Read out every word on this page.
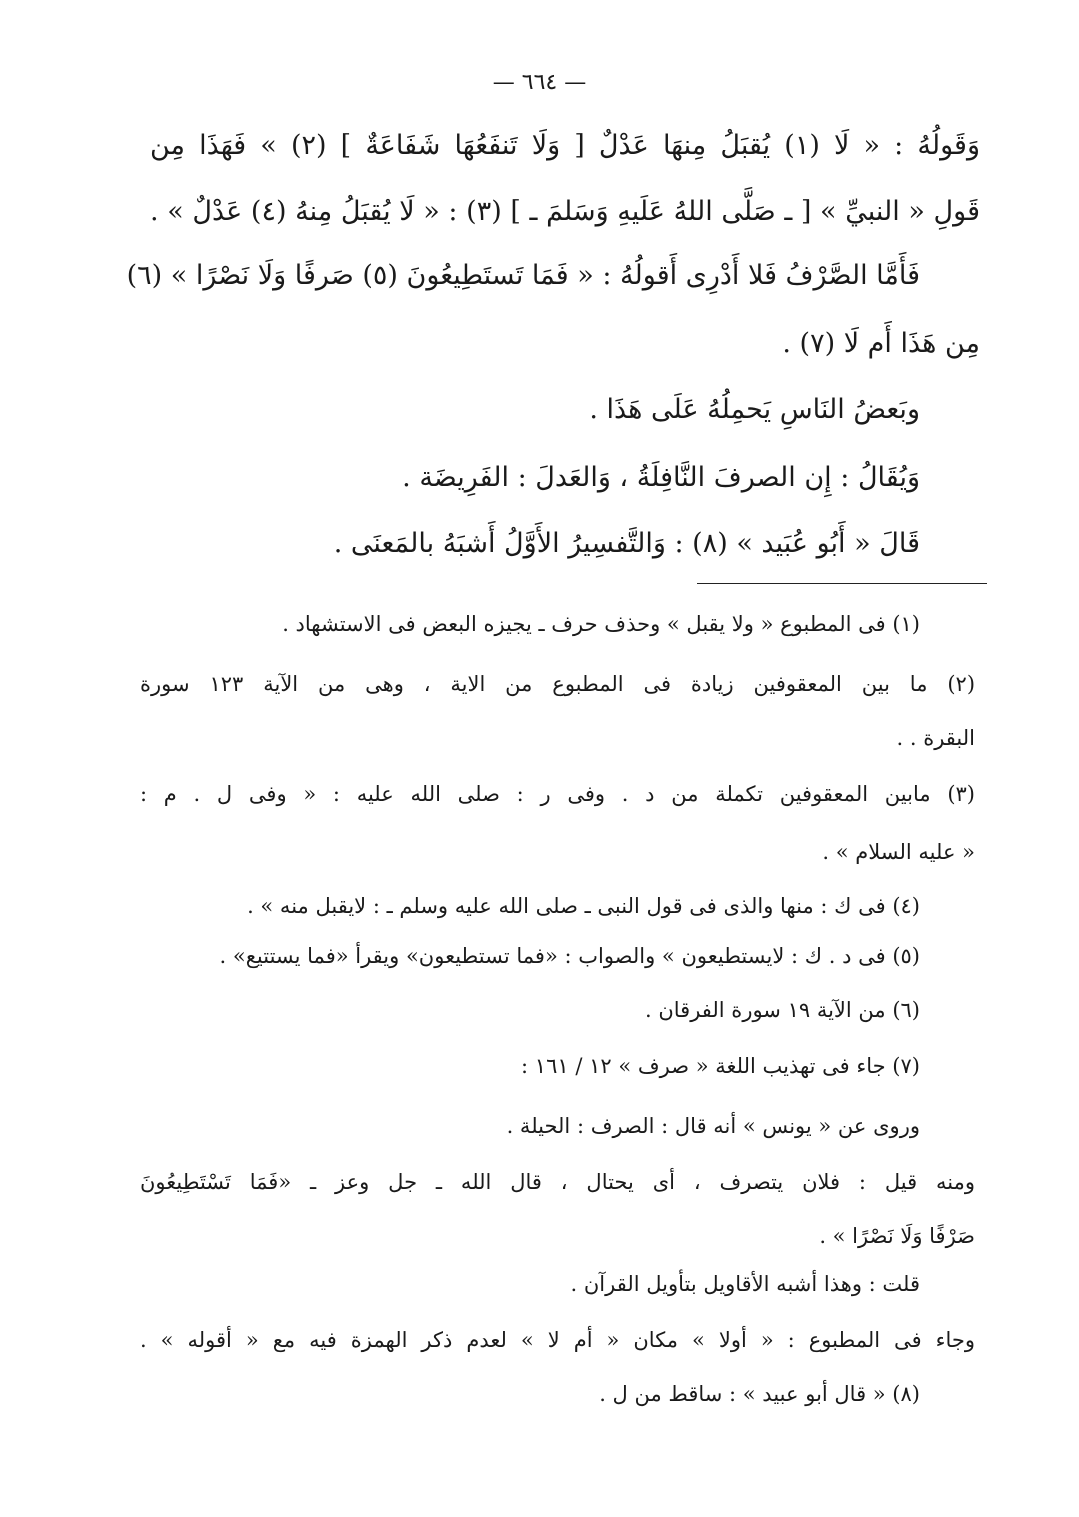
— ٦٦٤ —
وَقَولُهُ : « لَا (١) يُقبَلُ مِنهَا عَدْلٌ [ وَلَا تَنفَعُهَا شَفَاعَةٌ ] (٢) » فَهَذَا مِن
قَولِ « النبيِّ » [ ـ صَلَّى اللهُ عَلَيهِ وَسَلمَ ـ ] (٣) : « لَا يُقبَلُ مِنهُ (٤) عَدْلٌ » .
فَأَمَّا الصَّرْفُ فَلا أَدْرِى أَقولُهُ : « فَمَا تَستَطِيعُونَ (٥) صَرفًا وَلَا نَصْرًا » (٦)
مِن هَذَا أَم لَا (٧) .
وبَعضُ النَاسِ يَحمِلُهُ عَلَى هَذَا .
وَيُقَالُ : إِن الصرفَ النَّافِلَةُ ، وَالعَدلَ : الفَرِيضَة .
قَالَ « أَبُو عُبَيد » (٨) : وَالتَّفسِيرُ الأَوَّلُ أَشبَهُ بالمَعنَى .
(١) فى المطبوع « ولا يقبل » وحذف حرف ـ يجيزه البعض فى الاستشهاد .
(٢) ما بين المعقوفين زيادة فى المطبوع من الاية ، وهى من الآية ١٢٣ سورة
البقرة . .
(٣) مابين المعقوفين تكملة من د . وفى ر : صلى الله عليه : « وفى ل . م :
« عليه السلام » .
(٤) فى ك : منها والذى فى قول النبى ـ صلى الله عليه وسلم ـ : لايقبل منه » .
(٥) فى د . ك : لايستطيعون » والصواب : «فما تستطيعون» ويقرأ «فما يستتيع» .
(٦) من الآية ١٩ سورة الفرقان .
(٧) جاء فى تهذيب اللغة « صرف » ١٢ / ١٦١ :
وروى عن « يونس » أنه قال : الصرف : الحيلة .
ومنه قيل : فلان يتصرف ، أى يحتال ، قال الله ـ جل وعز ـ «فَمَا تَسْتَطِيعُونَ
صَرْفًا وَلَا نَصْرًا » .
قلت : وهذا أشبه الأقاويل بتأويل القرآن .
وجاء فى المطبوع : « أولا » مكان « أم لا » لعدم ذكر الهمزة فيه مع « أقوله » .
(٨) « قال أبو عبيد » : ساقط من ل .
